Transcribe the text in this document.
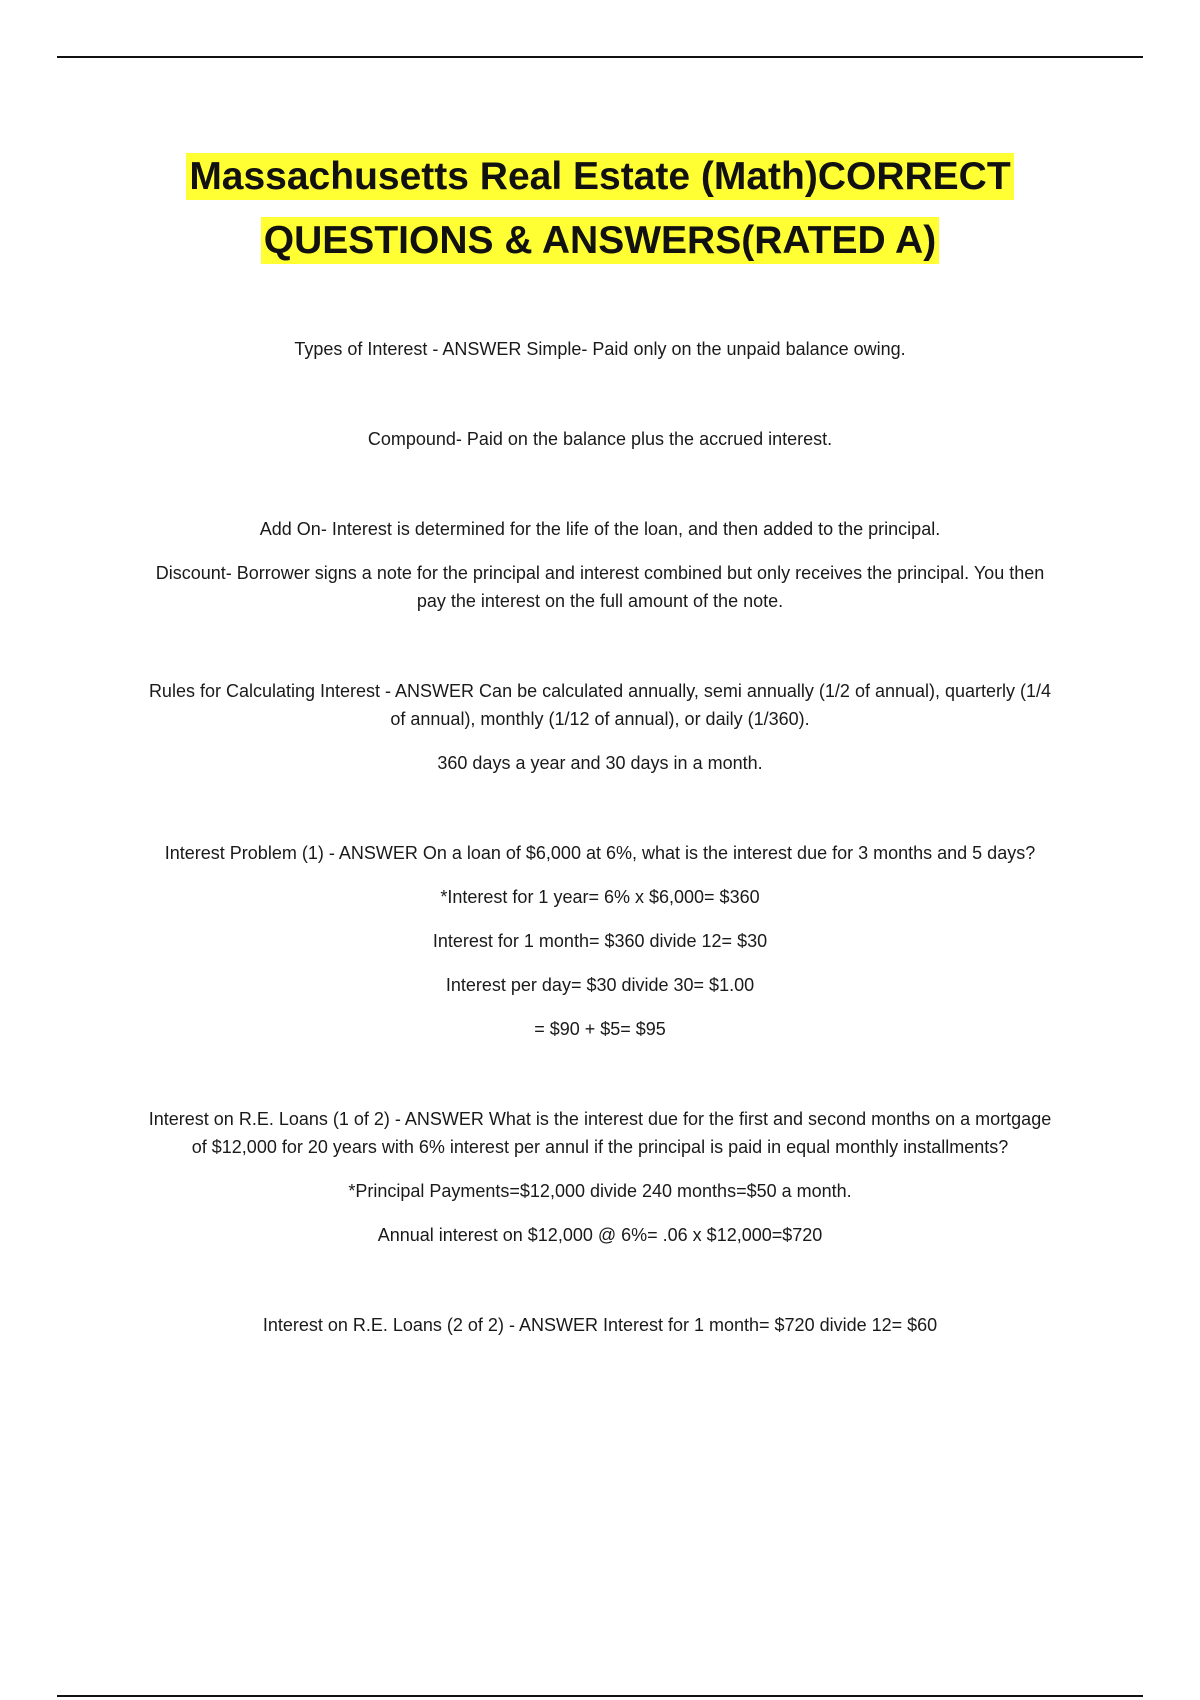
Massachusetts Real Estate (Math)CORRECT QUESTIONS & ANSWERS(RATED A)

Types of Interest - ANSWER Simple- Paid only on the unpaid balance owing.

Compound- Paid on the balance plus the accrued interest.

Add On- Interest is determined for the life of the loan, and then added to the principal.

Discount- Borrower signs a note for the principal and interest combined but only receives the principal. You then pay the interest on the full amount of the note.

Rules for Calculating Interest - ANSWER Can be calculated annually, semi annually (1/2 of annual), quarterly (1/4 of annual), monthly (1/12 of annual), or daily (1/360).

360 days a year and 30 days in a month.

Interest Problem (1) - ANSWER On a loan of $6,000 at 6%, what is the interest due for 3 months and 5 days?

*Interest for 1 year= 6% x $6,000= $360

Interest for 1 month= $360 divide 12= $30

Interest per day= $30 divide 30= $1.00

= $90 + $5= $95

Interest on R.E. Loans (1 of 2) - ANSWER What is the interest due for the first and second months on a mortgage of $12,000 for 20 years with 6% interest per annul if the principal is paid in equal monthly installments?

*Principal Payments=$12,000 divide 240 months=$50 a month.

Annual interest on $12,000 @ 6%= .06 x $12,000=$720

Interest on R.E. Loans (2 of 2) - ANSWER Interest for 1 month= $720 divide 12= $60
